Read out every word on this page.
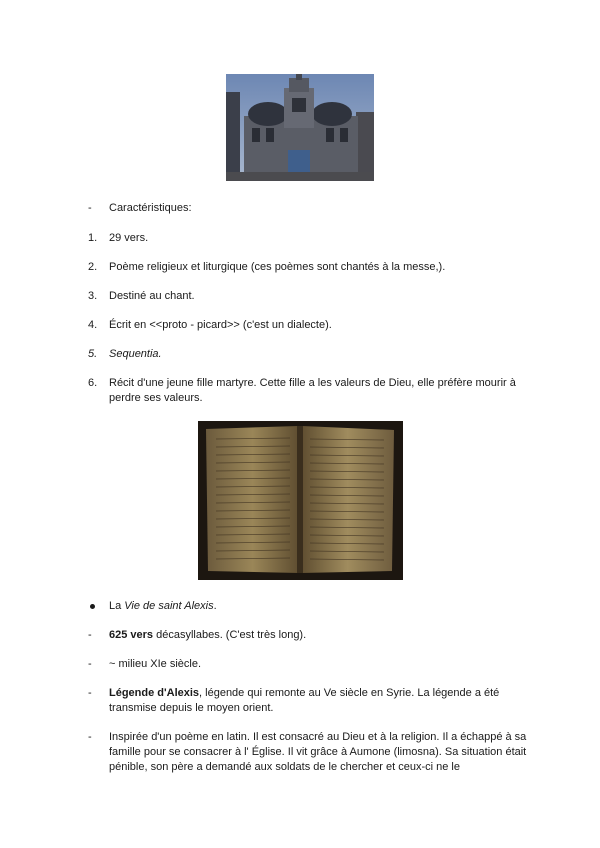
- Caractéristiques:
1. 29 vers.
2. Poème religieux et liturgique (ces poèmes sont chantés à la messe,).
3. Destiné au chant.
4. Écrit en <<proto - picard>> (c'est un dialecte).
5. Sequentia.
6. Récit d'une jeune fille martyre. Cette fille a les valeurs de Dieu, elle préfère mourir à perdre ses valeurs.
La Vie de saint Alexis.
- 625 vers décasyllabes. (C'est très long).
- ~ milieu XIe siècle.
- Légende d'Alexis, légende qui remonte au Ve siècle en Syrie. La légende a été transmise depuis le moyen orient.
- Inspirée d'un poème en latin. Il est consacré au Dieu et à la religion. Il a échappé à sa famille pour se consacrer à l' Église. Il vit grâce à Aumone (limosna). Sa situation était pénible, son père a demandé aux soldats de le chercher et ceux-ci ne le
